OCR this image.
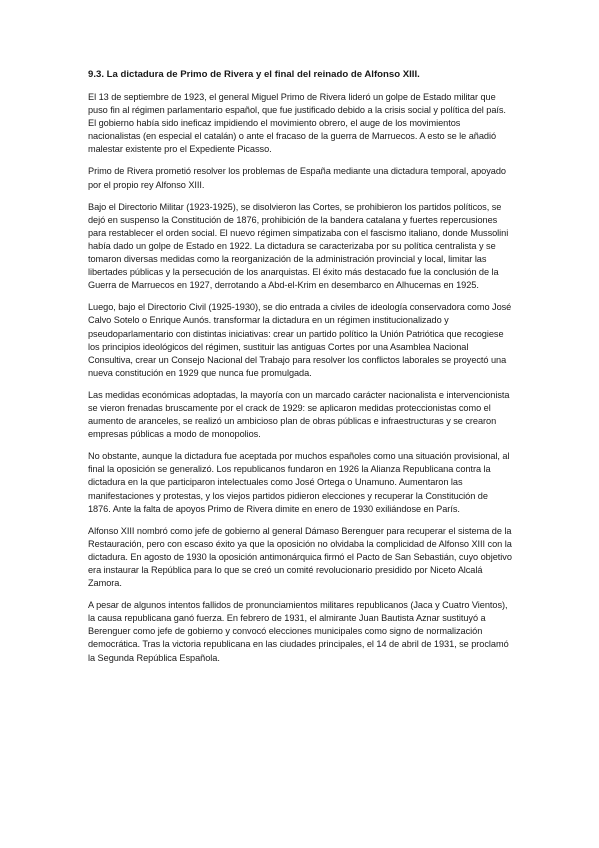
9.3. La dictadura de Primo de Rivera y el final del reinado de Alfonso XIII.

El 13 de septiembre de 1923, el general Miguel Primo de Rivera lideró un golpe de Estado militar que puso fin al régimen parlamentario español, que fue justificado debido a la crisis social y política del país. El gobierno había sido ineficaz impidiendo el movimiento obrero, el auge de los movimientos nacionalistas (en especial el catalán) o ante el fracaso de la guerra de Marruecos. A esto se le añadió malestar existente pro el Expediente Picasso.

Primo de Rivera prometió resolver los problemas de España mediante una dictadura temporal, apoyado por el propio rey Alfonso XIII.

Bajo el Directorio Militar (1923-1925), se disolvieron las Cortes, se prohibieron los partidos políticos, se dejó en suspenso la Constitución de 1876, prohibición de la bandera catalana y fuertes repercusiones para restablecer el orden social. El nuevo régimen simpatizaba con el fascismo italiano, donde Mussolini había dado un golpe de Estado en 1922. La dictadura se caracterizaba por su política centralista y se tomaron diversas medidas como la reorganización de la administración provincial y local, limitar las libertades públicas y la persecución de los anarquistas. El éxito más destacado fue la conclusión de la Guerra de Marruecos en 1927, derrotando a Abd-el-Krim en desembarco en Alhucemas en 1925.

Luego, bajo el Directorio Civil (1925-1930), se dio entrada a civiles de ideología conservadora como José Calvo Sotelo o Enrique Aunós. transformar la dictadura en un régimen institucionalizado y pseudoparlamentario con distintas iniciativas: crear un partido político la Unión Patriótica que recogiese los principios ideológicos del régimen, sustituir las antiguas Cortes por una Asamblea Nacional Consultiva, crear un Consejo Nacional del Trabajo para resolver los conflictos laborales se proyectó una nueva constitución en 1929 que nunca fue promulgada.

Las medidas económicas adoptadas, la mayoría con un marcado carácter nacionalista e intervencionista se vieron frenadas bruscamente por el crack de 1929: se aplicaron medidas proteccionistas como el aumento de aranceles, se realizó un ambicioso plan de obras públicas e infraestructuras y se crearon empresas públicas a modo de monopolios.

No obstante, aunque la dictadura fue aceptada por muchos españoles como una situación provisional, al final la oposición se generalizó. Los republicanos fundaron en 1926 la Alianza Republicana contra la dictadura en la que participaron intelectuales como José Ortega o Unamuno. Aumentaron las manifestaciones y protestas, y los viejos partidos pidieron elecciones y recuperar la Constitución de 1876. Ante la falta de apoyos Primo de Rivera dimite en enero de 1930 exiliándose en París.

Alfonso XIII nombró como jefe de gobierno al general Dámaso Berenguer para recuperar el sistema de la Restauración, pero con escaso éxito ya que la oposición no olvidaba la complicidad de Alfonso XIII con la dictadura. En agosto de 1930 la oposición antimonárquica firmó el Pacto de San Sebastián, cuyo objetivo era instaurar la República para lo que se creó un comité revolucionario presidido por Niceto Alcalá Zamora.

A pesar de algunos intentos fallidos de pronunciamientos militares republicanos (Jaca y Cuatro Vientos), la causa republicana ganó fuerza. En febrero de 1931, el almirante Juan Bautista Aznar sustituyó a Berenguer como jefe de gobierno y convocó elecciones municipales como signo de normalización democrática. Tras la victoria republicana en las ciudades principales, el 14 de abril de 1931, se proclamó la Segunda República Española.
